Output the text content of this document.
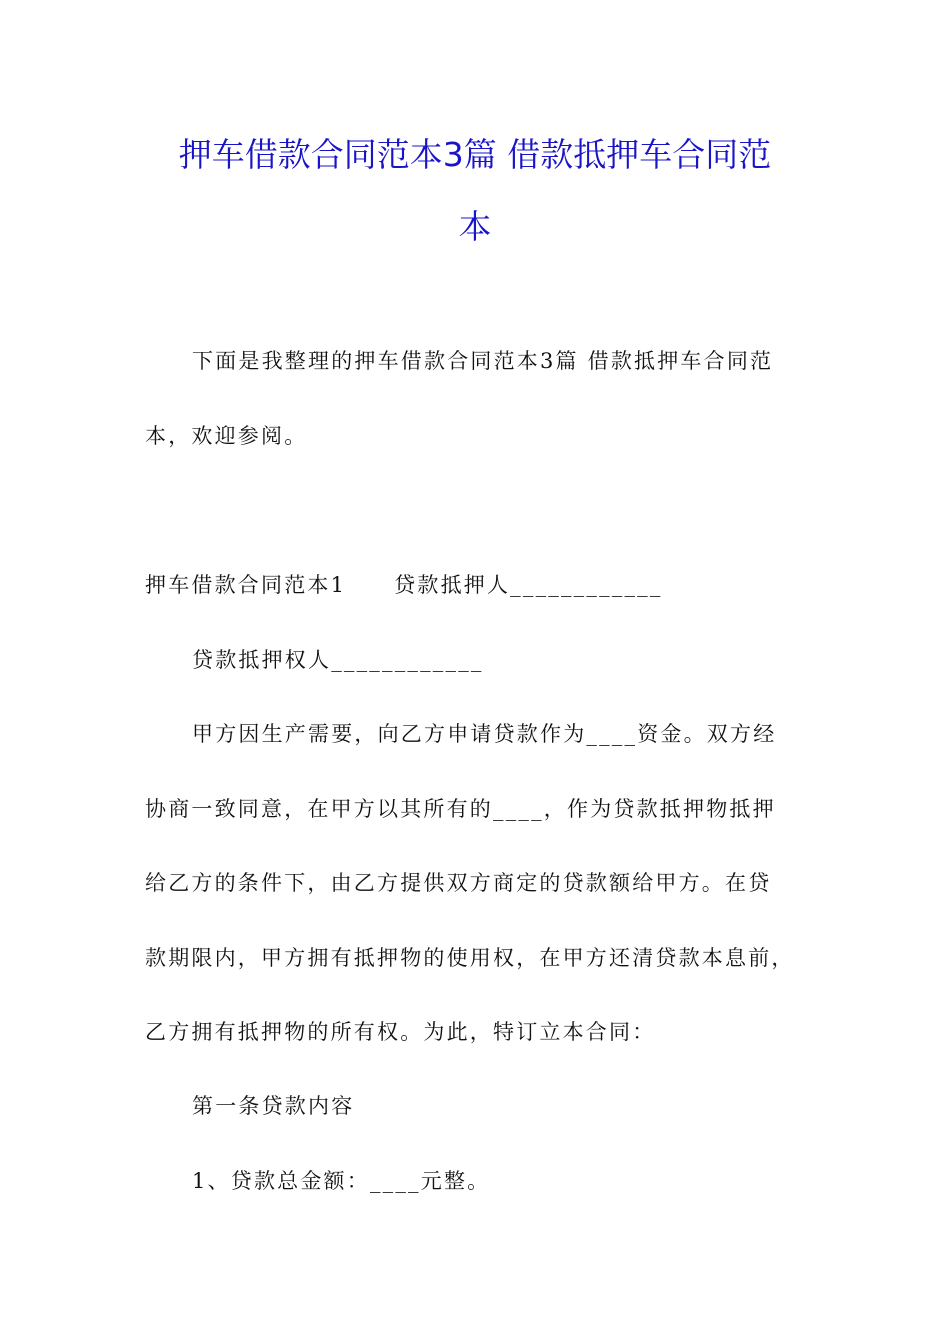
押车借款合同范本3篇 借款抵押车合同范
本
下面是我整理的押车借款合同范本3篇 借款抵押车合同范
本，欢迎参阅。
押车借款合同范本1 贷款抵押人____________
贷款抵押权人____________
甲方因生产需要，向乙方申请贷款作为____资金。双方经
协商一致同意，在甲方以其所有的____，作为贷款抵押物抵押
给乙方的条件下，由乙方提供双方商定的贷款额给甲方。在贷
款期限内，甲方拥有抵押物的使用权，在甲方还清贷款本息前，
乙方拥有抵押物的所有权。为此，特订立本合同：
第一条贷款内容
1、贷款总金额：____元整。
